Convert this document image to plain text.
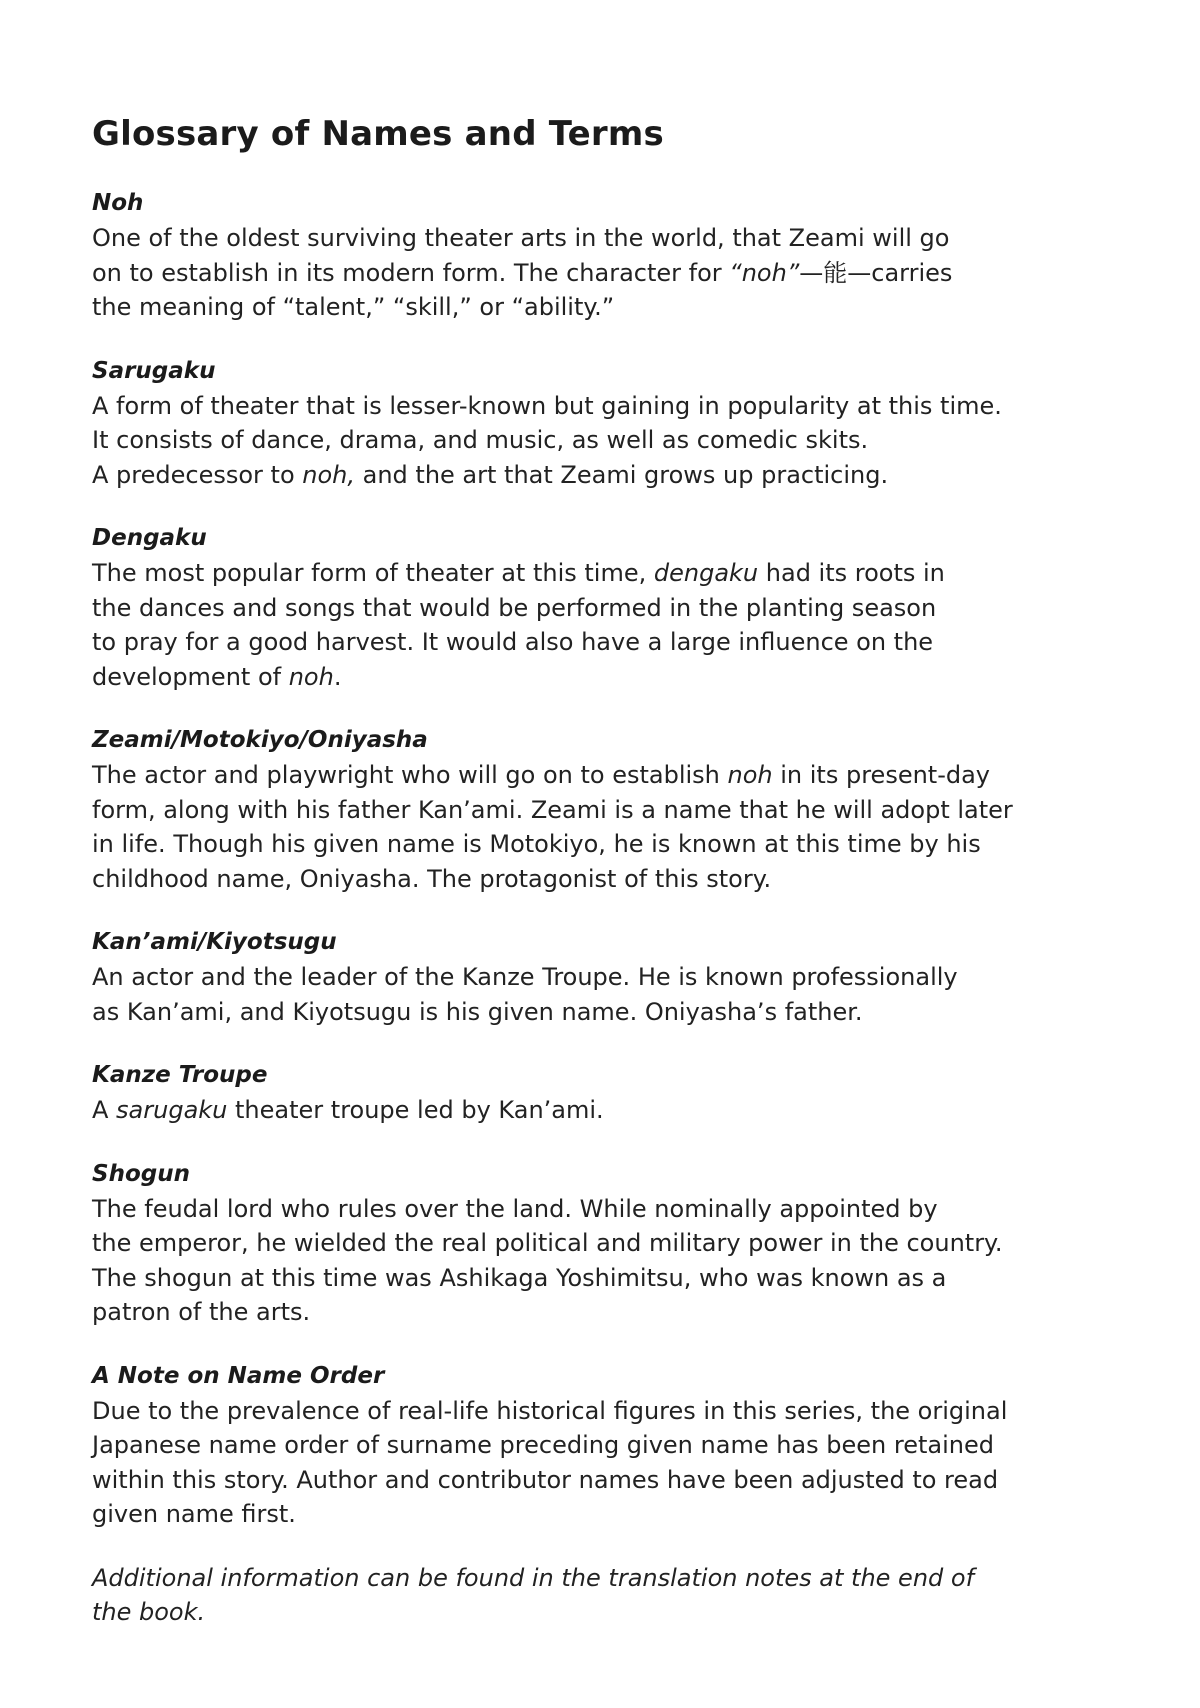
Glossary of Names and Terms

Noh

One of the oldest surviving theater arts in the world, that Zeami will go
on to establish in its modern form. The character for “noh”—能—carries
the meaning of “talent,” “skill,” or “ability.”

Sarugaku

A form of theater that is lesser-known but gaining in popularity at this time.
It consists of dance, drama, and music, as well as comedic skits.
A predecessor to noh, and the art that Zeami grows up practicing.

Dengaku

The most popular form of theater at this time, dengaku had its roots in
the dances and songs that would be performed in the planting season
to pray for a good harvest. It would also have a large influence on the
development of noh.

Zeami/Motokiyo/Oniyasha

The actor and playwright who will go on to establish noh in its present-day
form, along with his father Kan’ami. Zeami is a name that he will adopt later
in life. Though his given name is Motokiyo, he is known at this time by his
childhood name, Oniyasha. The protagonist of this story.

Kan’ami/Kiyotsugu

An actor and the leader of the Kanze Troupe. He is known professionally
as Kan’ami, and Kiyotsugu is his given name. Oniyasha’s father.

Kanze Troupe

A sarugaku theater troupe led by Kan’ami.

Shogun

The feudal lord who rules over the land. While nominally appointed by
the emperor, he wielded the real political and military power in the country.
The shogun at this time was Ashikaga Yoshimitsu, who was known as a
patron of the arts.

A Note on Name Order

Due to the prevalence of real-life historical figures in this series, the original
Japanese name order of surname preceding given name has been retained
within this story. Author and contributor names have been adjusted to read
given name first.

Additional information can be found in the translation notes at the end of
the book.
